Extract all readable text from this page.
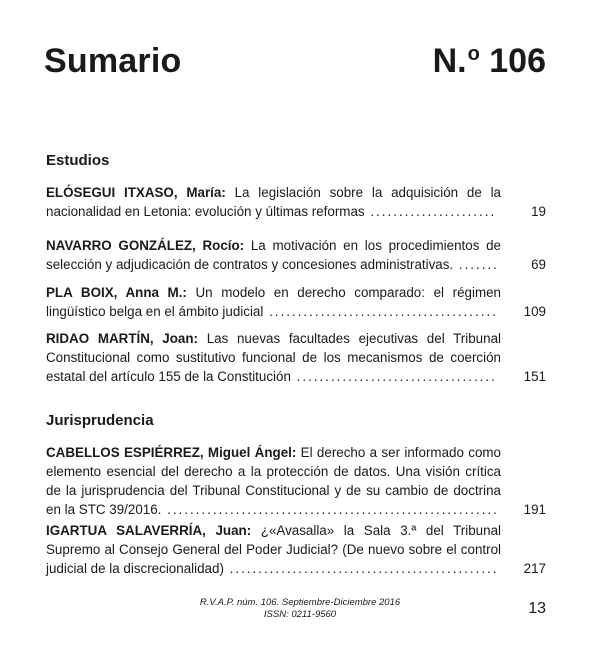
Sumario	N.$^o$ 106
Estudios
ELÓSEGUI ITXASO, María: La legislación sobre la adquisición de la nacionalidad en Letonia: evolución y últimas reformas ......................	19
NAVARRO GONZÁLEZ, Rocío: La motivación en los procedimientos de selección y adjudicación de contratos y concesiones administrativas. .......	69
PLA BOIX, Anna M.: Un modelo en derecho comparado: el régimen lingüístico belga en el ámbito judicial ........................................	109
RIDAO MARTÍN, Joan: Las nuevas facultades ejecutivas del Tribunal Constitucional como sustitutivo funcional de los mecanismos de coerción estatal del artículo 155 de la Constitución ...................................	151
Jurisprudencia
CABELLOS ESPIÉRREZ, Miguel Ángel: El derecho a ser informado como elemento esencial del derecho a la protección de datos. Una visión crítica de la jurisprudencia del Tribunal Constitucional y de su cambio de doctrina en la STC 39/2016. ..........................................................	191
IGARTUA SALAVERRÍA, Juan: ¿«Avasalla» la Sala 3.ª del Tribunal Supremo al Consejo General del Poder Judicial? (De nuevo sobre el control judicial de la discrecionalidad) ...............................................	217
R.V.A.P. núm. 106. Septiembre-Diciembre 2016
ISSN: 0211-9560	13
